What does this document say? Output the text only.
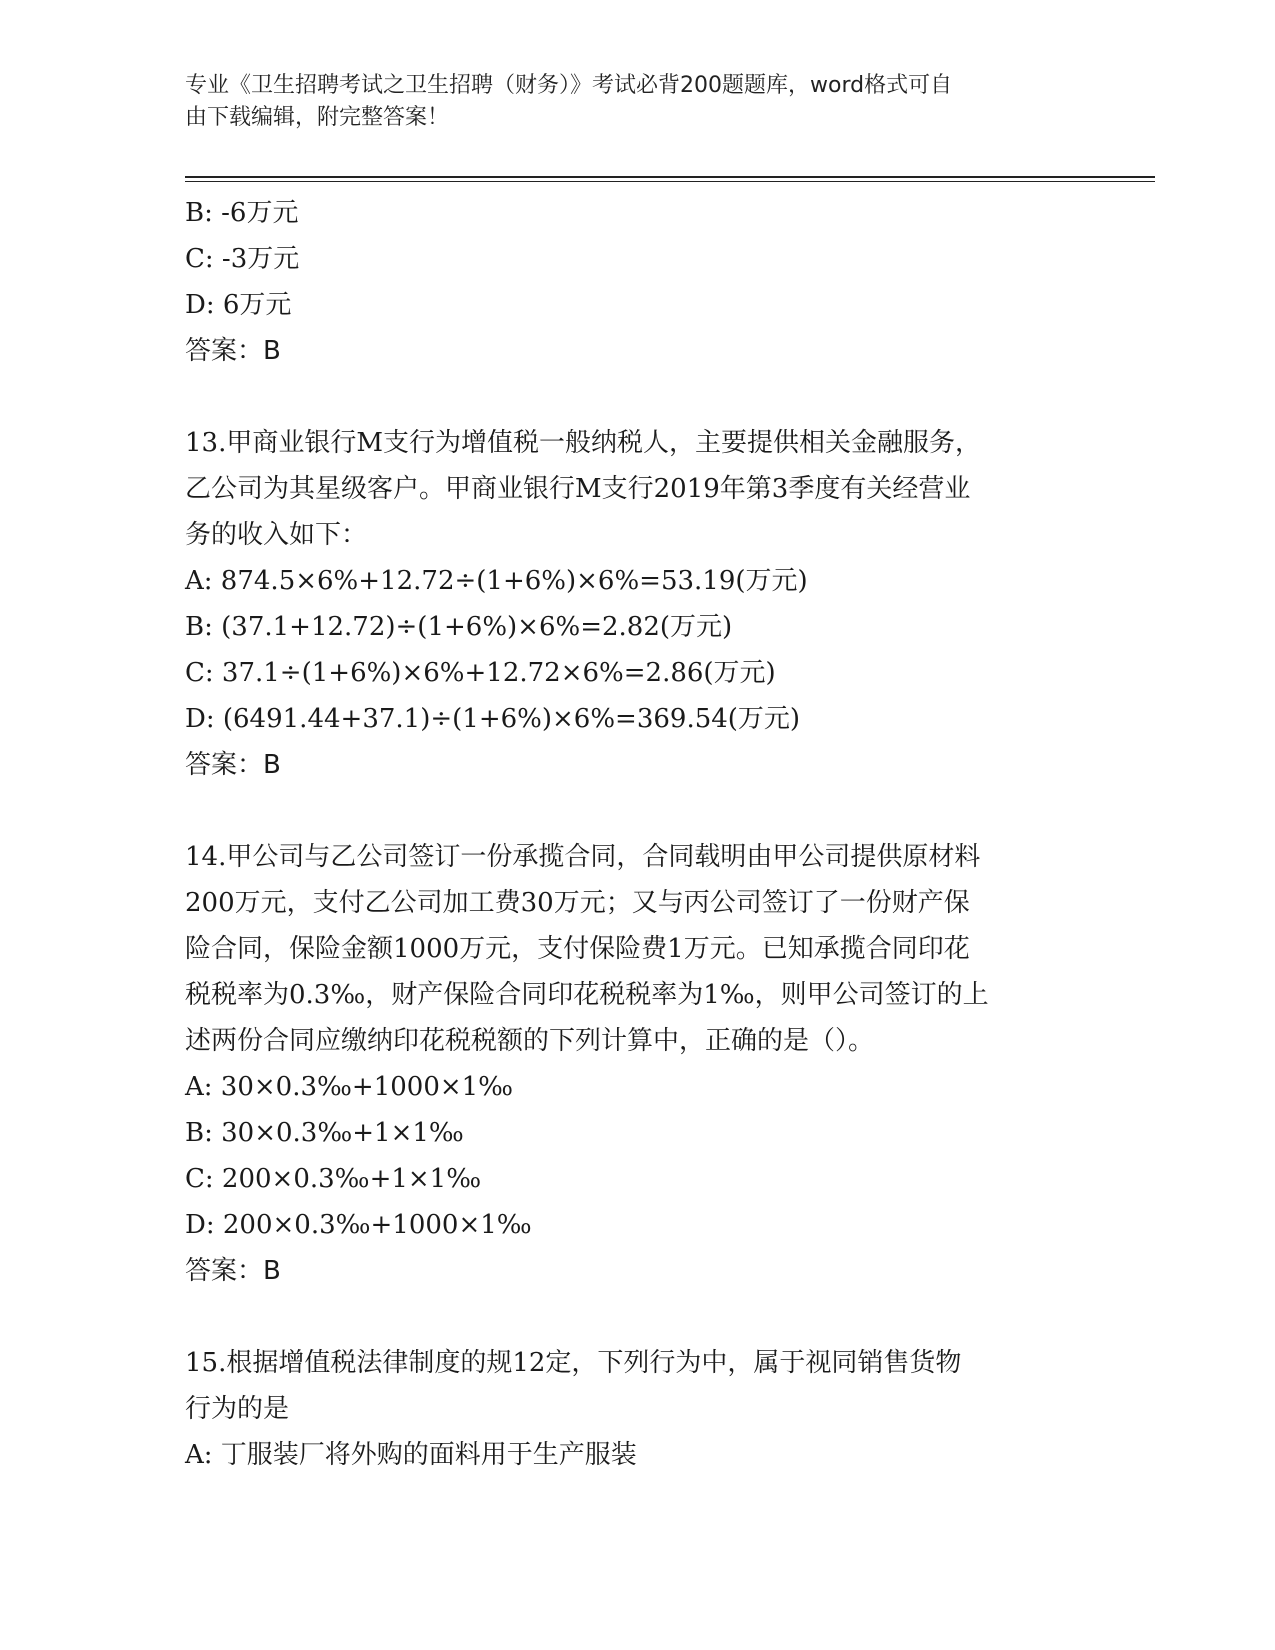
专业《卫生招聘考试之卫生招聘（财务）》考试必背200题题库，word格式可自
由下载编辑，附完整答案！
B: -6万元
C: -3万元
D: 6万元
答案：B
13.甲商业银行M支行为增值税一般纳税人，主要提供相关金融服务，
乙公司为其星级客户。甲商业银行M支行2019年第3季度有关经营业
务的收入如下：
A: 874.5×6%+12.72÷(1+6%)×6%=53.19(万元)
B: (37.1+12.72)÷(1+6%)×6%=2.82(万元)
C: 37.1÷(1+6%)×6%+12.72×6%=2.86(万元)
D: (6491.44+37.1)÷(1+6%)×6%=369.54(万元)
答案：B
14.甲公司与乙公司签订一份承揽合同，合同载明由甲公司提供原材料
200万元，支付乙公司加工费30万元；又与丙公司签订了一份财产保
险合同，保险金额1000万元，支付保险费1万元。已知承揽合同印花
税税率为0.3‰，财产保险合同印花税税率为1‰，则甲公司签订的上
述两份合同应缴纳印花税税额的下列计算中，正确的是（）。
A: 30×0.3‰+1000×1‰
B: 30×0.3‰+1×1‰
C: 200×0.3‰+1×1‰
D: 200×0.3‰+1000×1‰
答案：B
15.根据增值税法律制度的规12定，下列行为中，属于视同销售货物
行为的是
A: 丁服装厂将外购的面料用于生产服装
